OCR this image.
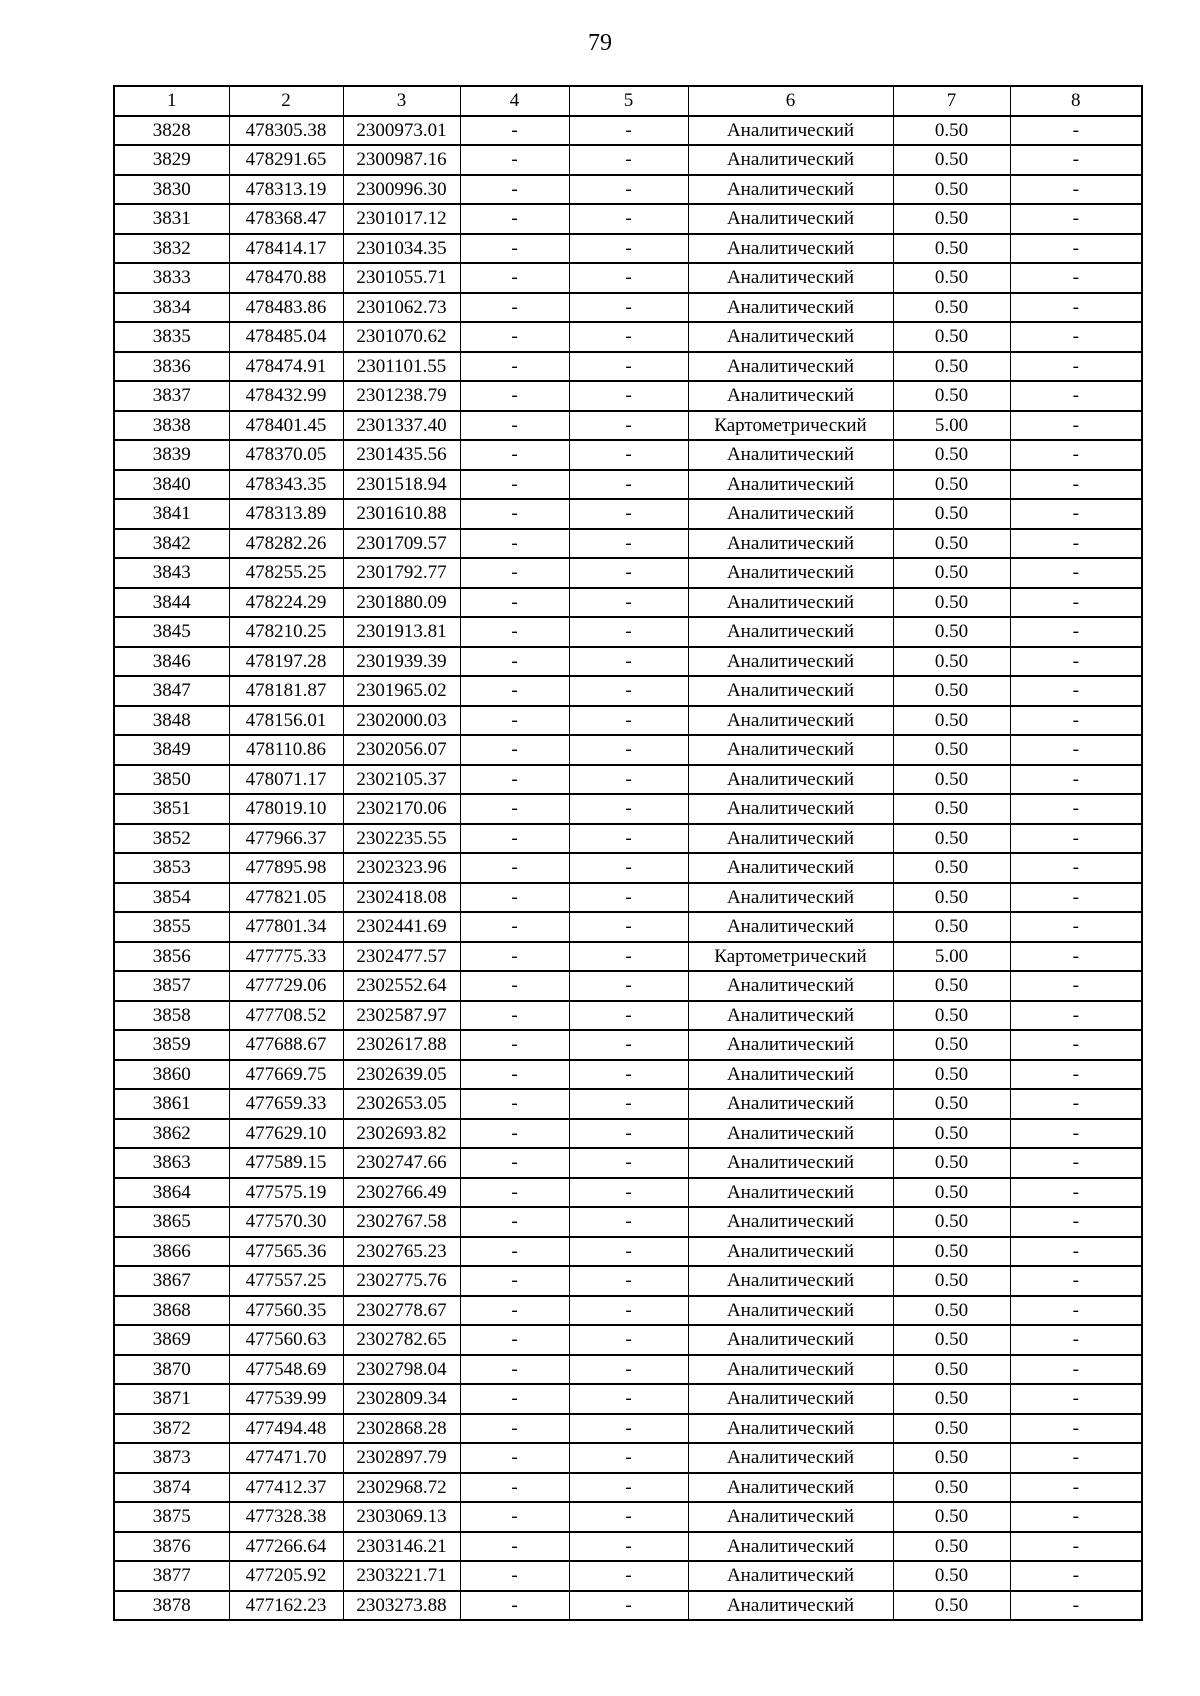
79
1	2	3	4	5	6	7	8
3828	478305.38	2300973.01	-	-	Аналитический	0.50	-
3829	478291.65	2300987.16	-	-	Аналитический	0.50	-
3830	478313.19	2300996.30	-	-	Аналитический	0.50	-
3831	478368.47	2301017.12	-	-	Аналитический	0.50	-
3832	478414.17	2301034.35	-	-	Аналитический	0.50	-
3833	478470.88	2301055.71	-	-	Аналитический	0.50	-
3834	478483.86	2301062.73	-	-	Аналитический	0.50	-
3835	478485.04	2301070.62	-	-	Аналитический	0.50	-
3836	478474.91	2301101.55	-	-	Аналитический	0.50	-
3837	478432.99	2301238.79	-	-	Аналитический	0.50	-
3838	478401.45	2301337.40	-	-	Картометрический	5.00	-
3839	478370.05	2301435.56	-	-	Аналитический	0.50	-
3840	478343.35	2301518.94	-	-	Аналитический	0.50	-
3841	478313.89	2301610.88	-	-	Аналитический	0.50	-
3842	478282.26	2301709.57	-	-	Аналитический	0.50	-
3843	478255.25	2301792.77	-	-	Аналитический	0.50	-
3844	478224.29	2301880.09	-	-	Аналитический	0.50	-
3845	478210.25	2301913.81	-	-	Аналитический	0.50	-
3846	478197.28	2301939.39	-	-	Аналитический	0.50	-
3847	478181.87	2301965.02	-	-	Аналитический	0.50	-
3848	478156.01	2302000.03	-	-	Аналитический	0.50	-
3849	478110.86	2302056.07	-	-	Аналитический	0.50	-
3850	478071.17	2302105.37	-	-	Аналитический	0.50	-
3851	478019.10	2302170.06	-	-	Аналитический	0.50	-
3852	477966.37	2302235.55	-	-	Аналитический	0.50	-
3853	477895.98	2302323.96	-	-	Аналитический	0.50	-
3854	477821.05	2302418.08	-	-	Аналитический	0.50	-
3855	477801.34	2302441.69	-	-	Аналитический	0.50	-
3856	477775.33	2302477.57	-	-	Картометрический	5.00	-
3857	477729.06	2302552.64	-	-	Аналитический	0.50	-
3858	477708.52	2302587.97	-	-	Аналитический	0.50	-
3859	477688.67	2302617.88	-	-	Аналитический	0.50	-
3860	477669.75	2302639.05	-	-	Аналитический	0.50	-
3861	477659.33	2302653.05	-	-	Аналитический	0.50	-
3862	477629.10	2302693.82	-	-	Аналитический	0.50	-
3863	477589.15	2302747.66	-	-	Аналитический	0.50	-
3864	477575.19	2302766.49	-	-	Аналитический	0.50	-
3865	477570.30	2302767.58	-	-	Аналитический	0.50	-
3866	477565.36	2302765.23	-	-	Аналитический	0.50	-
3867	477557.25	2302775.76	-	-	Аналитический	0.50	-
3868	477560.35	2302778.67	-	-	Аналитический	0.50	-
3869	477560.63	2302782.65	-	-	Аналитический	0.50	-
3870	477548.69	2302798.04	-	-	Аналитический	0.50	-
3871	477539.99	2302809.34	-	-	Аналитический	0.50	-
3872	477494.48	2302868.28	-	-	Аналитический	0.50	-
3873	477471.70	2302897.79	-	-	Аналитический	0.50	-
3874	477412.37	2302968.72	-	-	Аналитический	0.50	-
3875	477328.38	2303069.13	-	-	Аналитический	0.50	-
3876	477266.64	2303146.21	-	-	Аналитический	0.50	-
3877	477205.92	2303221.71	-	-	Аналитический	0.50	-
3878	477162.23	2303273.88	-	-	Аналитический	0.50	-
